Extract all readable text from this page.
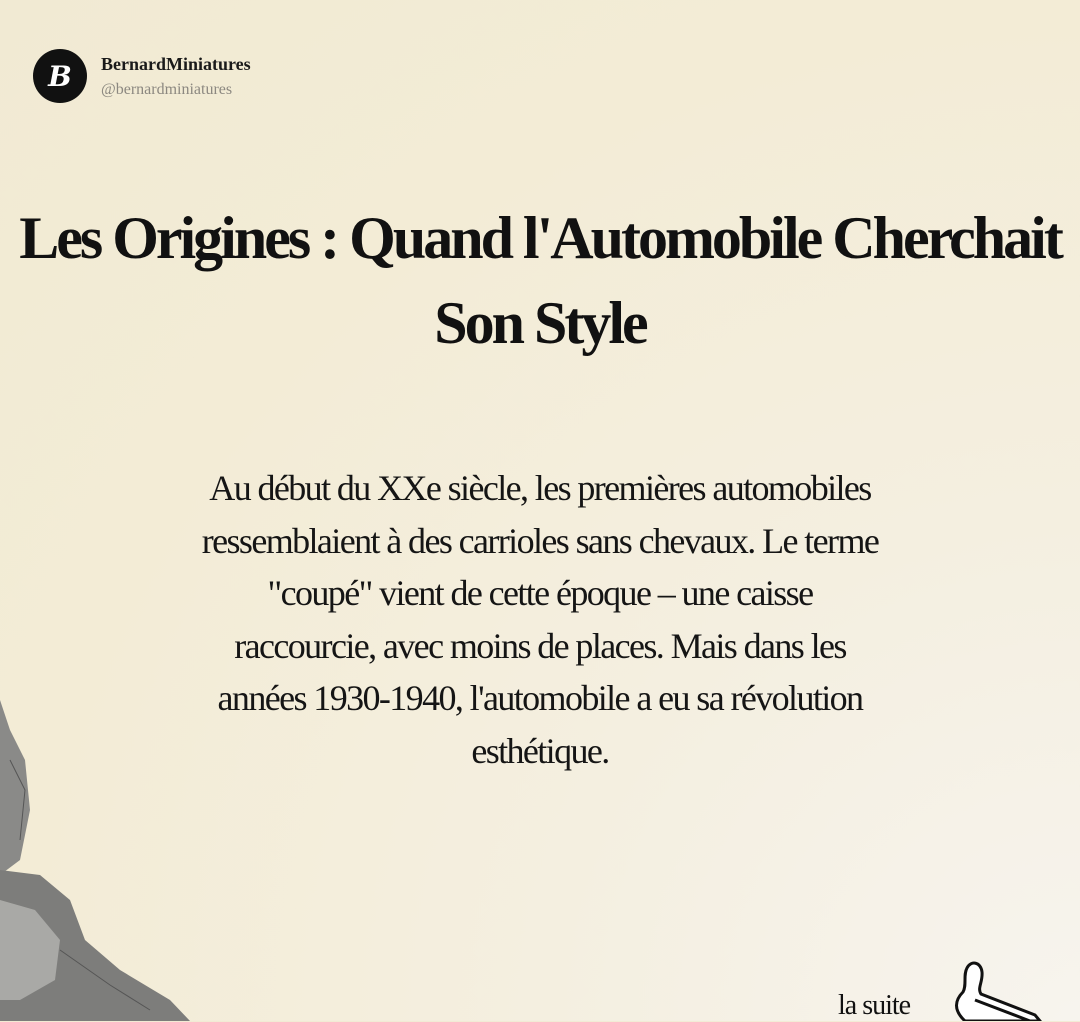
B	BernardMiniatures
@bernardminiatures
Les Origines : Quand l'Automobile Cherchait Son Style
Au début du XXe siècle, les premières automobiles ressemblaient à des carrioles sans chevaux. Le terme "coupé" vient de cette époque – une caisse raccourcie, avec moins de places. Mais dans les années 1930-1940, l'automobile a eu sa révolution esthétique.
la suite
